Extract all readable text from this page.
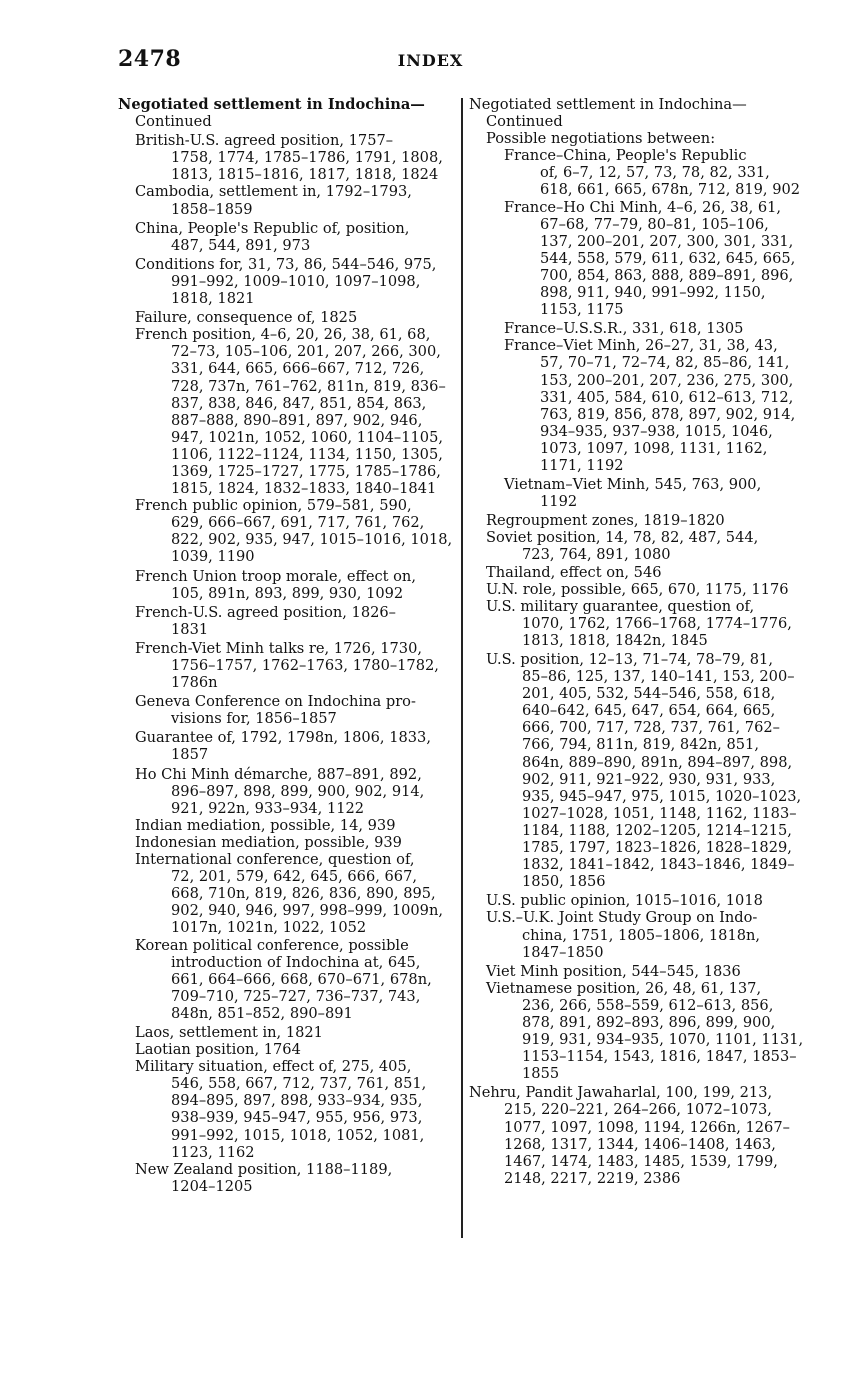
2478	INDEX
Negotiated settlement in Indochina—
Continued
British-U.S. agreed position, 1757–
1758, 1774, 1785–1786, 1791, 1808,
1813, 1815–1816, 1817, 1818, 1824
Cambodia, settlement in, 1792–1793,
1858–1859
China, People's Republic of, position,
487, 544, 891, 973
Conditions for, 31, 73, 86, 544–546, 975,
991–992, 1009–1010, 1097–1098,
1818, 1821
Failure, consequence of, 1825
French position, 4–6, 20, 26, 38, 61, 68,
72–73, 105–106, 201, 207, 266, 300,
331, 644, 665, 666–667, 712, 726,
728, 737n, 761–762, 811n, 819, 836–
837, 838, 846, 847, 851, 854, 863,
887–888, 890–891, 897, 902, 946,
947, 1021n, 1052, 1060, 1104–1105,
1106, 1122–1124, 1134, 1150, 1305,
1369, 1725–1727, 1775, 1785–1786,
1815, 1824, 1832–1833, 1840–1841
French public opinion, 579–581, 590,
629, 666–667, 691, 717, 761, 762,
822, 902, 935, 947, 1015–1016, 1018,
1039, 1190
French Union troop morale, effect on,
105, 891n, 893, 899, 930, 1092
French-U.S. agreed position, 1826–
1831
French-Viet Minh talks re, 1726, 1730,
1756–1757, 1762–1763, 1780–1782,
1786n
Geneva Conference on Indochina pro-
visions for, 1856–1857
Guarantee of, 1792, 1798n, 1806, 1833,
1857
Ho Chi Minh démarche, 887–891, 892,
896–897, 898, 899, 900, 902, 914,
921, 922n, 933–934, 1122
Indian mediation, possible, 14, 939
Indonesian mediation, possible, 939
International conference, question of,
72, 201, 579, 642, 645, 666, 667,
668, 710n, 819, 826, 836, 890, 895,
902, 940, 946, 997, 998–999, 1009n,
1017n, 1021n, 1022, 1052
Korean political conference, possible
introduction of Indochina at, 645,
661, 664–666, 668, 670–671, 678n,
709–710, 725–727, 736–737, 743,
848n, 851–852, 890–891
Laos, settlement in, 1821
Laotian position, 1764
Military situation, effect of, 275, 405,
546, 558, 667, 712, 737, 761, 851,
894–895, 897, 898, 933–934, 935,
938–939, 945–947, 955, 956, 973,
991–992, 1015, 1018, 1052, 1081,
1123, 1162
New Zealand position, 1188–1189,
1204–1205
Negotiated settlement in Indochina—
Continued
Possible negotiations between:
France–China, People's Republic
of, 6–7, 12, 57, 73, 78, 82, 331,
618, 661, 665, 678n, 712, 819, 902
France–Ho Chi Minh, 4–6, 26, 38, 61,
67–68, 77–79, 80–81, 105–106,
137, 200–201, 207, 300, 301, 331,
544, 558, 579, 611, 632, 645, 665,
700, 854, 863, 888, 889–891, 896,
898, 911, 940, 991–992, 1150,
1153, 1175
France–U.S.S.R., 331, 618, 1305
France–Viet Minh, 26–27, 31, 38, 43,
57, 70–71, 72–74, 82, 85–86, 141,
153, 200–201, 207, 236, 275, 300,
331, 405, 584, 610, 612–613, 712,
763, 819, 856, 878, 897, 902, 914,
934–935, 937–938, 1015, 1046,
1073, 1097, 1098, 1131, 1162,
1171, 1192
Vietnam–Viet Minh, 545, 763, 900,
1192
Regroupment zones, 1819–1820
Soviet position, 14, 78, 82, 487, 544,
723, 764, 891, 1080
Thailand, effect on, 546
U.N. role, possible, 665, 670, 1175, 1176
U.S. military guarantee, question of,
1070, 1762, 1766–1768, 1774–1776,
1813, 1818, 1842n, 1845
U.S. position, 12–13, 71–74, 78–79, 81,
85–86, 125, 137, 140–141, 153, 200–
201, 405, 532, 544–546, 558, 618,
640–642, 645, 647, 654, 664, 665,
666, 700, 717, 728, 737, 761, 762–
766, 794, 811n, 819, 842n, 851,
864n, 889–890, 891n, 894–897, 898,
902, 911, 921–922, 930, 931, 933,
935, 945–947, 975, 1015, 1020–1023,
1027–1028, 1051, 1148, 1162, 1183–
1184, 1188, 1202–1205, 1214–1215,
1785, 1797, 1823–1826, 1828–1829,
1832, 1841–1842, 1843–1846, 1849–
1850, 1856
U.S. public opinion, 1015–1016, 1018
U.S.–U.K. Joint Study Group on Indo-
china, 1751, 1805–1806, 1818n,
1847–1850
Viet Minh position, 544–545, 1836
Vietnamese position, 26, 48, 61, 137,
236, 266, 558–559, 612–613, 856,
878, 891, 892–893, 896, 899, 900,
919, 931, 934–935, 1070, 1101, 1131,
1153–1154, 1543, 1816, 1847, 1853–
1855
Nehru, Pandit Jawaharlal, 100, 199, 213,
215, 220–221, 264–266, 1072–1073,
1077, 1097, 1098, 1194, 1266n, 1267–
1268, 1317, 1344, 1406–1408, 1463,
1467, 1474, 1483, 1485, 1539, 1799,
2148, 2217, 2219, 2386
